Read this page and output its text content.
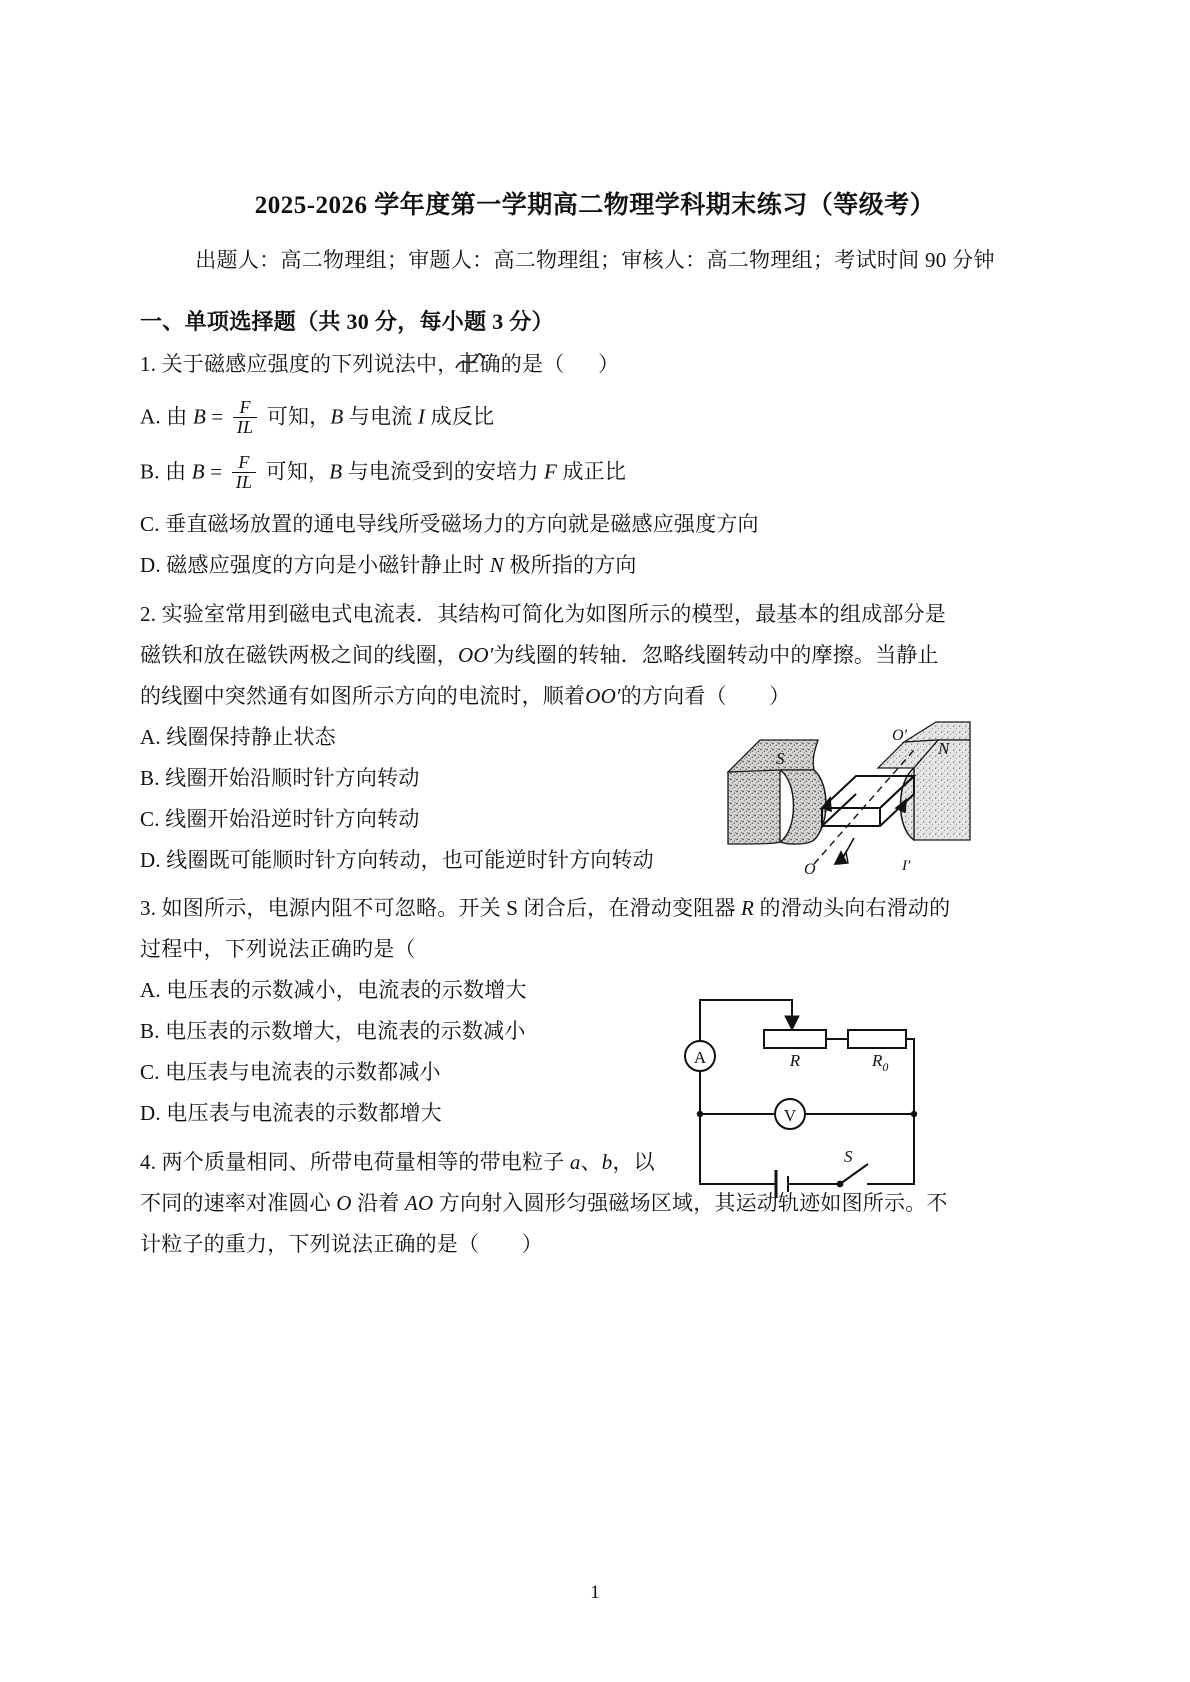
2025-2026 学年度第一学期高二物理学科期末练习（等级考）
出题人：高二物理组；审题人：高二物理组；审核人：高二物理组；考试时间 90 分钟
一、单项选择题（共 30 分，每小题 3 分）

1. 关于磁感应强度的下列说法中，正
确的是（ ）

A. 由 $B = \frac{F}{IL}$ 可知，B 与电流 I 成反比

B. 由 $B = \frac{F}{IL}$ 可知，B 与电流受到的安培力 F 成正比

C. 垂直磁场放置的通电导线所受磁场力的方向就是磁感应强度方向

D. 磁感应强度的方向是小磁针静止时 N 极所指的方向

2. 实验室常用到磁电式电流表．其结构可简化为如图所示的模型，最基本的组成部分是

磁铁和放在磁铁两极之间的线圈，OO′为线圈的转轴．忽略线圈转动中的摩擦。当静止

的线圈中突然通有如图所示方向的电流时，顺着OO′的方向看（　　）

A. 线圈保持静止状态

B. 线圈开始沿顺时针方向转动

C. 线圈开始沿逆时针方向转动

D. 线圈既可能顺时针方向转动，也可能逆时针方向转动

3. 如图所示，电源内阻不可忽略。开关 S 闭合后，在滑动变阻器 R 的滑动头向右滑动的

过程中，下列说法正确旳是（

A. 电压表的示数减小，电流表的示数增大

B. 电压表的示数增大，电流表的示数减小

C. 电压表与电流表的示数都减小

D. 电压表与电流表的示数都增大

4. 两个质量相同、所带电荷量相等的带电粒子 a、b，以

不同的速率对准圆心 O 沿着 AO 方向射入圆形匀强磁场区域，其运动轨迹如图所示。不

计粒子的重力，下列说法正确的是（　　）

S
N
O′
O	I′
A
V
S
R	$R_0$
1
